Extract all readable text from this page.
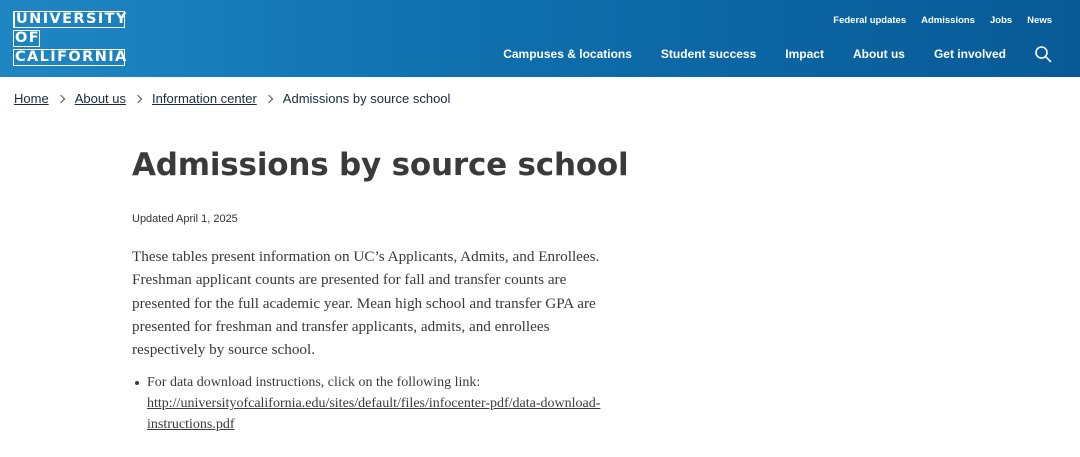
UNIVERSITY
OF
CALIFORNIA
Federal updates Admissions Jobs News
Campuses & locations Student success Impact About us Get involved
Home About us Information center Admissions by source school
Admissions by source school
Updated April 1, 2025

These tables present information on UC’s Applicants, Admits, and Enrollees. Freshman applicant counts are presented for fall and transfer counts are presented for the full academic year. Mean high school and transfer GPA are presented for freshman and transfer applicants, admits, and enrollees respectively by source school.

For data download instructions, click on the following link: http://universityofcalifornia.edu/sites/default/files/infocenter-pdf/data-download-instructions.pdf
